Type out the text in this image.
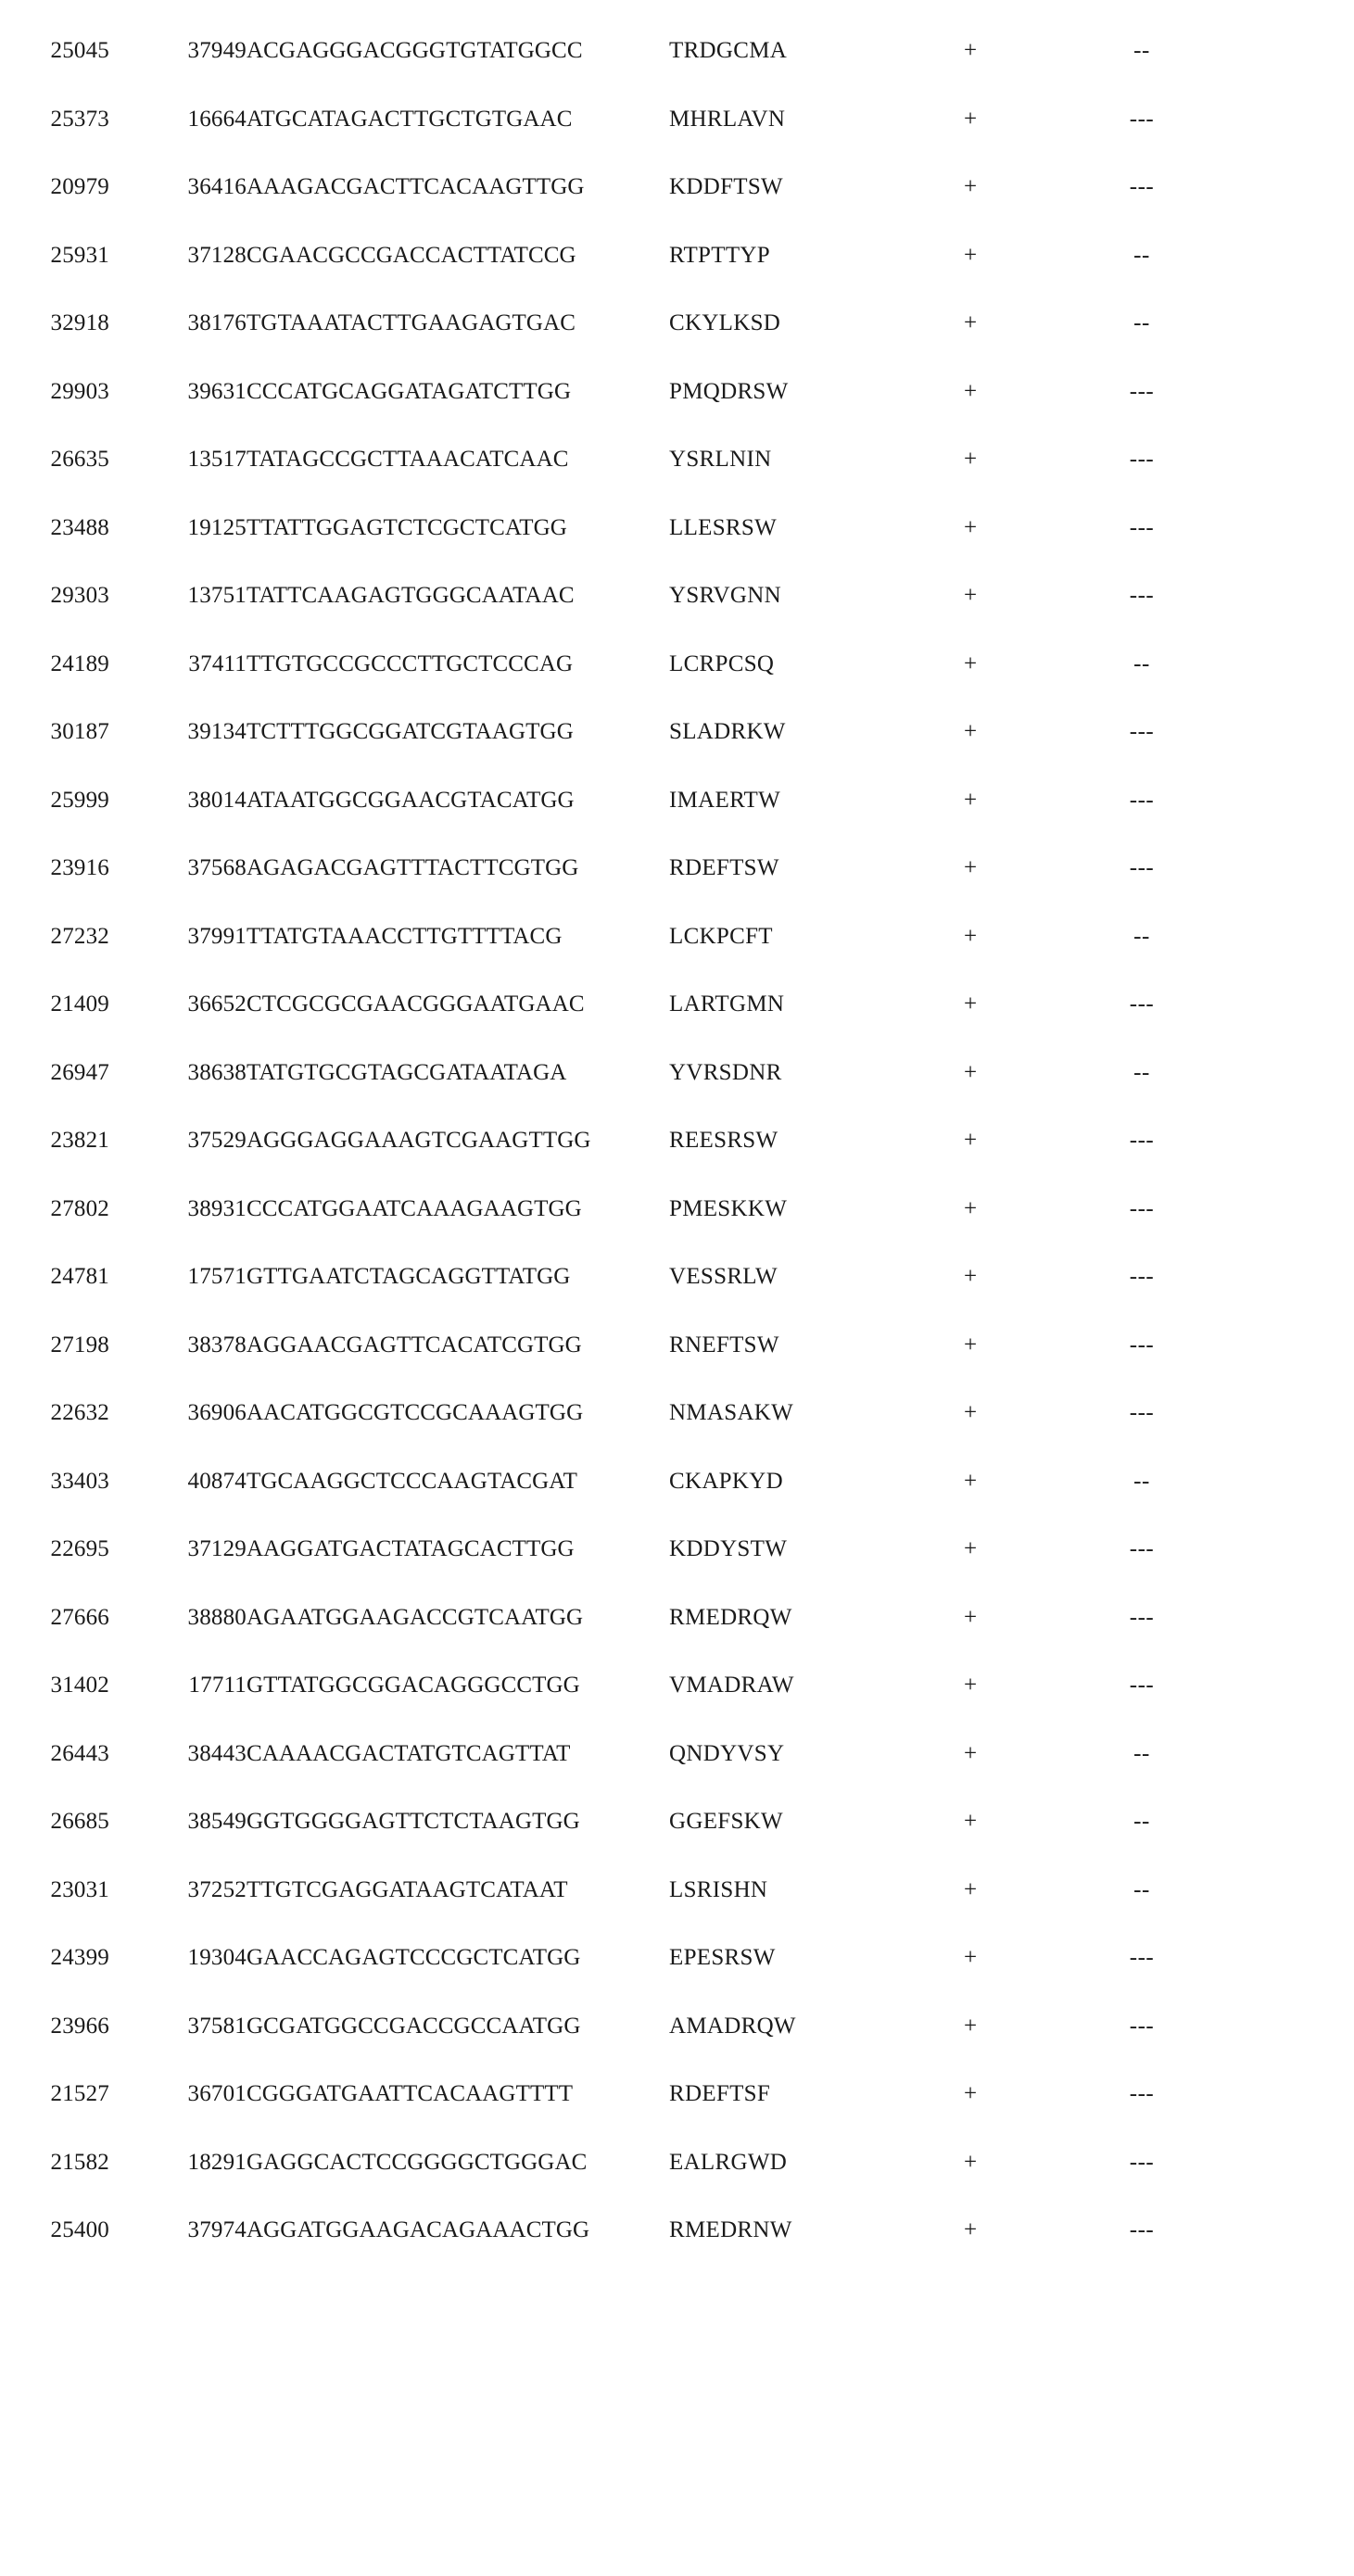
25045	37949	ACGAGGGACGGGTGTATGGCC	TRDGCMA	+	--	
25373	16664	ATGCATAGACTTGCTGTGAAC	MHRLAVN	+	---	
20979	36416	AAAGACGACTTCACAAGTTGG	KDDFTSW	+	---	
25931	37128	CGAACGCCGACCACTTATCCG	RTPTTYP	+	--	
32918	38176	TGTAAATACTTGAAGAGTGAC	CKYLKSD	+	--	
29903	39631	CCCATGCAGGATAGATCTTGG	PMQDRSW	+	---	
26635	13517	TATAGCCGCTTAAACATCAAC	YSRLNIN	+	---	
23488	19125	TTATTGGAGTCTCGCTCATGG	LLESRSW	+	---	
29303	13751	TATTCAAGAGTGGGCAATAAC	YSRVGNN	+	---	
24189	37411	TTGTGCCGCCCTTGCTCCCAG	LCRPCSQ	+	--	
30187	39134	TCTTTGGCGGATCGTAAGTGG	SLADRKW	+	---	
25999	38014	ATAATGGCGGAACGTACATGG	IMAERTW	+	---	
23916	37568	AGAGACGAGTTTACTTCGTGG	RDEFTSW	+	---	
27232	37991	TTATGTAAACCTTGTTTTACG	LCKPCFT	+	--	
21409	36652	CTCGCGCGAACGGGAATGAAC	LARTGMN	+	---	
26947	38638	TATGTGCGTAGCGATAATAGA	YVRSDNR	+	--	
23821	37529	AGGGAGGAAAGTCGAAGTTGG	REESRSW	+	---	
27802	38931	CCCATGGAATCAAAGAAGTGG	PMESKKW	+	---	
24781	17571	GTTGAATCTAGCAGGTTATGG	VESSRLW	+	---	
27198	38378	AGGAACGAGTTCACATCGTGG	RNEFTSW	+	---	
22632	36906	AACATGGCGTCCGCAAAGTGG	NMASAKW	+	---	
33403	40874	TGCAAGGCTCCCAAGTACGAT	CKAPKYD	+	--	
22695	37129	AAGGATGACTATAGCACTTGG	KDDYSTW	+	---	
27666	38880	AGAATGGAAGACCGTCAATGG	RMEDRQW	+	---	
31402	17711	GTTATGGCGGACAGGGCCTGG	VMADRAW	+	---	
26443	38443	CAAAACGACTATGTCAGTTAT	QNDYVSY	+	--	
26685	38549	GGTGGGGAGTTCTCTAAGTGG	GGEFSKW	+	--	
23031	37252	TTGTCGAGGATAAGTCATAAT	LSRISHN	+	--	
24399	19304	GAACCAGAGTCCCGCTCATGG	EPESRSW	+	---	
23966	37581	GCGATGGCCGACCGCCAATGG	AMADRQW	+	---	
21527	36701	CGGGATGAATTCACAAGTTTT	RDEFTSF	+	---	
21582	18291	GAGGCACTCCGGGGCTGGGAC	EALRGWD	+	---	
25400	37974	AGGATGGAAGACAGAAACTGG	RMEDRNW	+	---	
